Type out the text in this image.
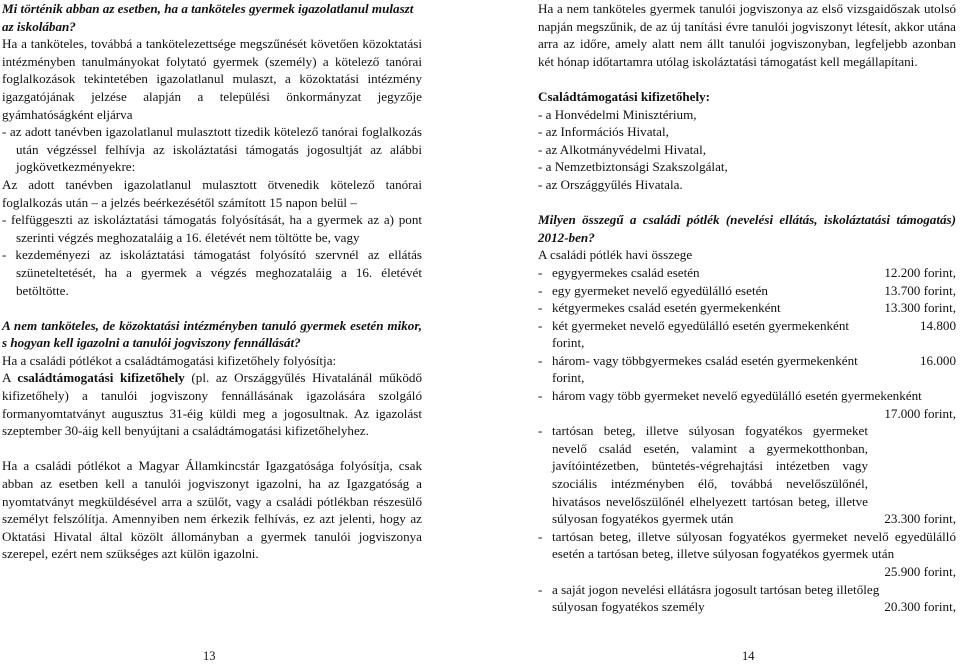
Mi történik abban az esetben, ha a tanköteles gyermek igazolatlanul mulaszt az iskolában?

Ha a tanköteles, továbbá a tankötelezettsége megszűnését követően közoktatási intézményben tanulmányokat folytató gyermek (személy) a kötelező tanórai foglalkozások tekintetében igazolatlanul mulaszt, a közoktatási intézmény igazgatójának jelzése alapján a települési önkormányzat jegyzője gyámhatóságként eljárva

- az adott tanévben igazolatlanul mulasztott tizedik kötelező tanórai foglalkozás után végzéssel felhívja az iskoláztatási támogatás jogosultját az alábbi jogkövetkezményekre:

Az adott tanévben igazolatlanul mulasztott ötvenedik kötelező tanórai foglalkozás után – a jelzés beérkezésétől számított 15 napon belül –

- felfüggeszti az iskoláztatási támogatás folyósítását, ha a gyermek az a) pont szerinti végzés meghozataláig a 16. életévét nem töltötte be, vagy

- kezdeményezi az iskoláztatási támogatást folyósító szervnél az ellátás szüneteltetését, ha a gyermek a végzés meghozataláig a 16. életévét betöltötte.

A nem tanköteles, de közoktatási intézményben tanuló gyermek esetén mikor, s hogyan kell igazolni a tanulói jogviszony fennállását?

Ha a családi pótlékot a családtámogatási kifizetőhely folyósítja:

A családtámogatási kifizetőhely (pl. az Országgyűlés Hivatalánál működő kifizetőhely) a tanulói jogviszony fennállásának igazolására szolgáló formanyomtatványt augusztus 31-éig küldi meg a jogosultnak. Az igazolást szeptember 30-áig kell benyújtani a családtámogatási kifizetőhelyhez.

Ha a családi pótlékot a Magyar Államkincstár Igazgatósága folyósítja, csak abban az esetben kell a tanulói jogviszonyt igazolni, ha az Igazgatóság a nyomtatványt megküldésével arra a szülőt, vagy a családi pótlékban részesülő személyt felszólítja. Amennyiben nem érkezik felhívás, ez azt jelenti, hogy az Oktatási Hivatal által közölt állományban a gyermek tanulói jogviszonya szerepel, ezért nem szükséges azt külön igazolni.

13

Ha a nem tanköteles gyermek tanulói jogviszonya az első vizsgaidőszak utolsó napján megszűnik, de az új tanítási évre tanulói jogviszonyt létesít, akkor utána arra az időre, amely alatt nem állt tanulói jogviszonyban, legfeljebb azonban két hónap időtartamra utólag iskoláztatási támogatást kell megállapítani.

Családtámogatási kifizetőhely:

- a Honvédelmi Minisztérium,

- az Információs Hivatal,

- az Alkotmányvédelmi Hivatal,

- a Nemzetbiztonsági Szakszolgálat,

- az Országgyűlés Hivatala.

Milyen összegű a családi pótlék (nevelési ellátás, iskoláztatási támogatás) 2012-ben?

A családi pótlék havi összege

- egygyermekes család esetén	12.200 forint,
- egy gyermeket nevelő egyedülálló esetén	13.700 forint,
- kétgyermekes család esetén gyermekenként	13.300 forint,
- két gyermeket nevelő egyedülálló esetén gyermekenként	14.800
forint,
- három- vagy többgyermekes család esetén gyermekenként	16.000
forint,
- három vagy több gyermeket nevelő egyedülálló esetén gyermekenként
17.000 forint,
- tartósan beteg, illetve súlyosan fogyatékos gyermeket nevelő család esetén, valamint a gyermekotthonban, javítóintézetben, büntetés-végrehajtási intézetben vagy szociális intézményben élő, továbbá nevelőszülőnél, hivatásos nevelőszülőnél elhelyezett tartósan beteg, illetve súlyosan fogyatékos gyermek után	23.300 forint,
- tartósan beteg, illetve súlyosan fogyatékos gyermeket nevelő egyedülálló esetén a tartósan beteg, illetve súlyosan fogyatékos gyermek után
25.900 forint,
- a saját jogon nevelési ellátásra jogosult tartósan beteg illetőleg
súlyosan fogyatékos személy	20.300 forint,
14
